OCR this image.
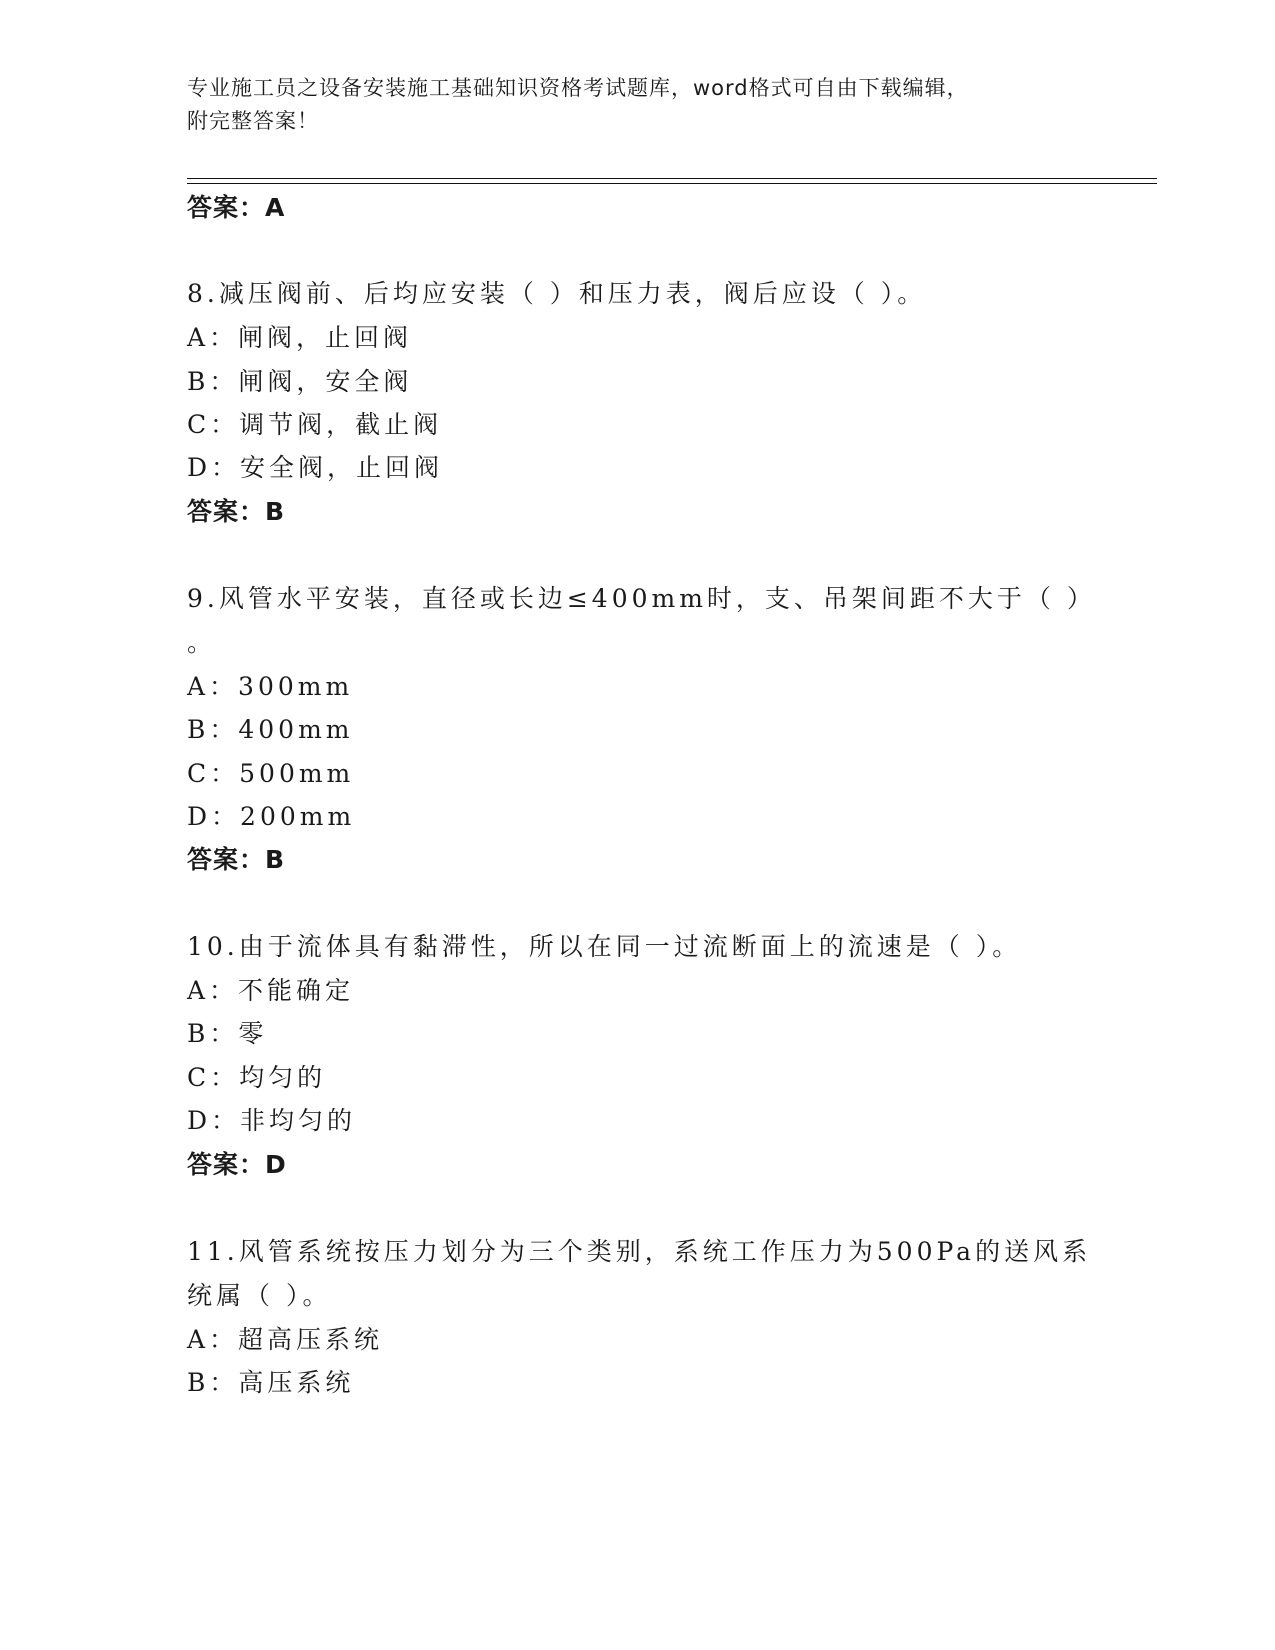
专业施工员之设备安装施工基础知识资格考试题库，word格式可自由下载编辑，
附完整答案！
答案：A
8.减压阀前、后均应安装（ ）和压力表，阀后应设（ ）。
A：闸阀，止回阀
B：闸阀，安全阀
C：调节阀，截止阀
D：安全阀，止回阀
答案：B
9.风管水平安装，直径或长边≤400mm时，支、吊架间距不大于（ ）
。
A：300mm
B：400mm
C：500mm
D：200mm
答案：B
10.由于流体具有黏滞性，所以在同一过流断面上的流速是（ ）。
A：不能确定
B：零
C：均匀的
D：非均匀的
答案：D
11.风管系统按压力划分为三个类别，系统工作压力为500Pa的送风系
统属（ ）。
A：超高压系统
B：高压系统
